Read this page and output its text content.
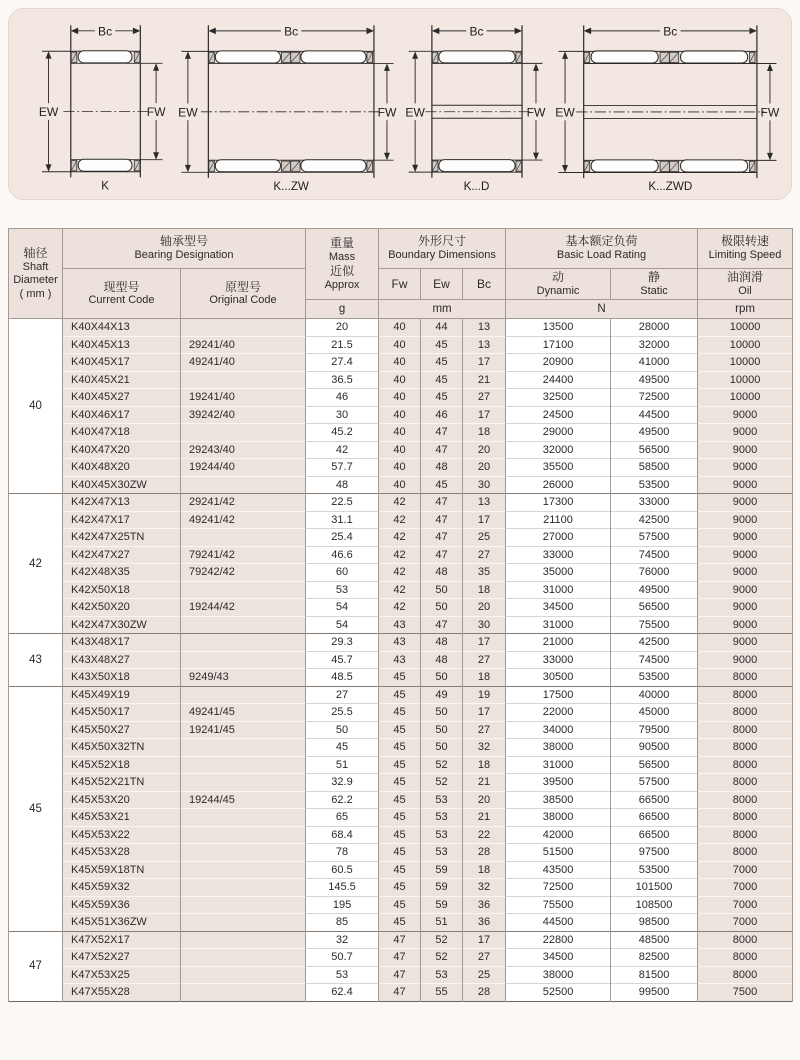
Bc
EW	FW
K
Bc
EW	FW
K...ZW
Bc
EW	FW
K...D
Bc
EW	FW
K...ZWD
轴径
Shaft
Diameter
( mm )

轴承型号
Bearing Designation

重量
Mass
近似
Approx

外形尺寸
Boundary Dimensions

基本额定负荷
Basic Load Rating

极限转速
Limiting Speed

现型号
Current Code

原型号
Original Code
	Fw	Ew	Bc	动
Dynamic

静
Static

油润滑
Oil

			g	mm			N		rpm
40	K40X44X13		20	40	44	13	13500	28000	10000
	K40X45X13	29241/40	21.5	40	45	13	17100	32000	10000
	K40X45X17	49241/40	27.4	40	45	17	20900	41000	10000
	K40X45X21		36.5	40	45	21	24400	49500	10000
	K40X45X27	19241/40	46	40	45	27	32500	72500	10000
	K40X46X17	39242/40	30	40	46	17	24500	44500	9000
	K40X47X18		45.2	40	47	18	29000	49500	9000
	K40X47X20	29243/40	42	40	47	20	32000	56500	9000
	K40X48X20	19244/40	57.7	40	48	20	35500	58500	9000
	K40X45X30ZW		48	40	45	30	26000	53500	9000
42	K42X47X13	29241/42	22.5	42	47	13	17300	33000	9000
	K42X47X17	49241/42	31.1	42	47	17	21100	42500	9000
	K42X47X25TN		25.4	42	47	25	27000	57500	9000
	K42X47X27	79241/42	46.6	42	47	27	33000	74500	9000
	K42X48X35	79242/42	60	42	48	35	35000	76000	9000
	K42X50X18		53	42	50	18	31000	49500	9000
	K42X50X20	19244/42	54	42	50	20	34500	56500	9000
	K42X47X30ZW		54	43	47	30	31000	75500	9000
43	K43X48X17		29.3	43	48	17	21000	42500	9000
	K43X48X27		45.7	43	48	27	33000	74500	9000
	K43X50X18	9249/43	48.5	45	50	18	30500	53500	8000
45	K45X49X19		27	45	49	19	17500	40000	8000
	K45X50X17	49241/45	25.5	45	50	17	22000	45000	8000
	K45X50X27	19241/45	50	45	50	27	34000	79500	8000
	K45X50X32TN		45	45	50	32	38000	90500	8000
	K45X52X18		51	45	52	18	31000	56500	8000
	K45X52X21TN		32.9	45	52	21	39500	57500	8000
	K45X53X20	19244/45	62.2	45	53	20	38500	66500	8000
	K45X53X21		65	45	53	21	38000	66500	8000
	K45X53X22		68.4	45	53	22	42000	66500	8000
	K45X53X28		78	45	53	28	51500	97500	8000
	K45X59X18TN		60.5	45	59	18	43500	53500	7000
	K45X59X32		145.5	45	59	32	72500	101500	7000
	K45X59X36		195	45	59	36	75500	108500	7000
	K45X51X36ZW		85	45	51	36	44500	98500	7000
47	K47X52X17		32	47	52	17	22800	48500	8000
	K47X52X27		50.7	47	52	27	34500	82500	8000
	K47X53X25		53	47	53	25	38000	81500	8000
	K47X55X28		62.4	47	55	28	52500	99500	7500
